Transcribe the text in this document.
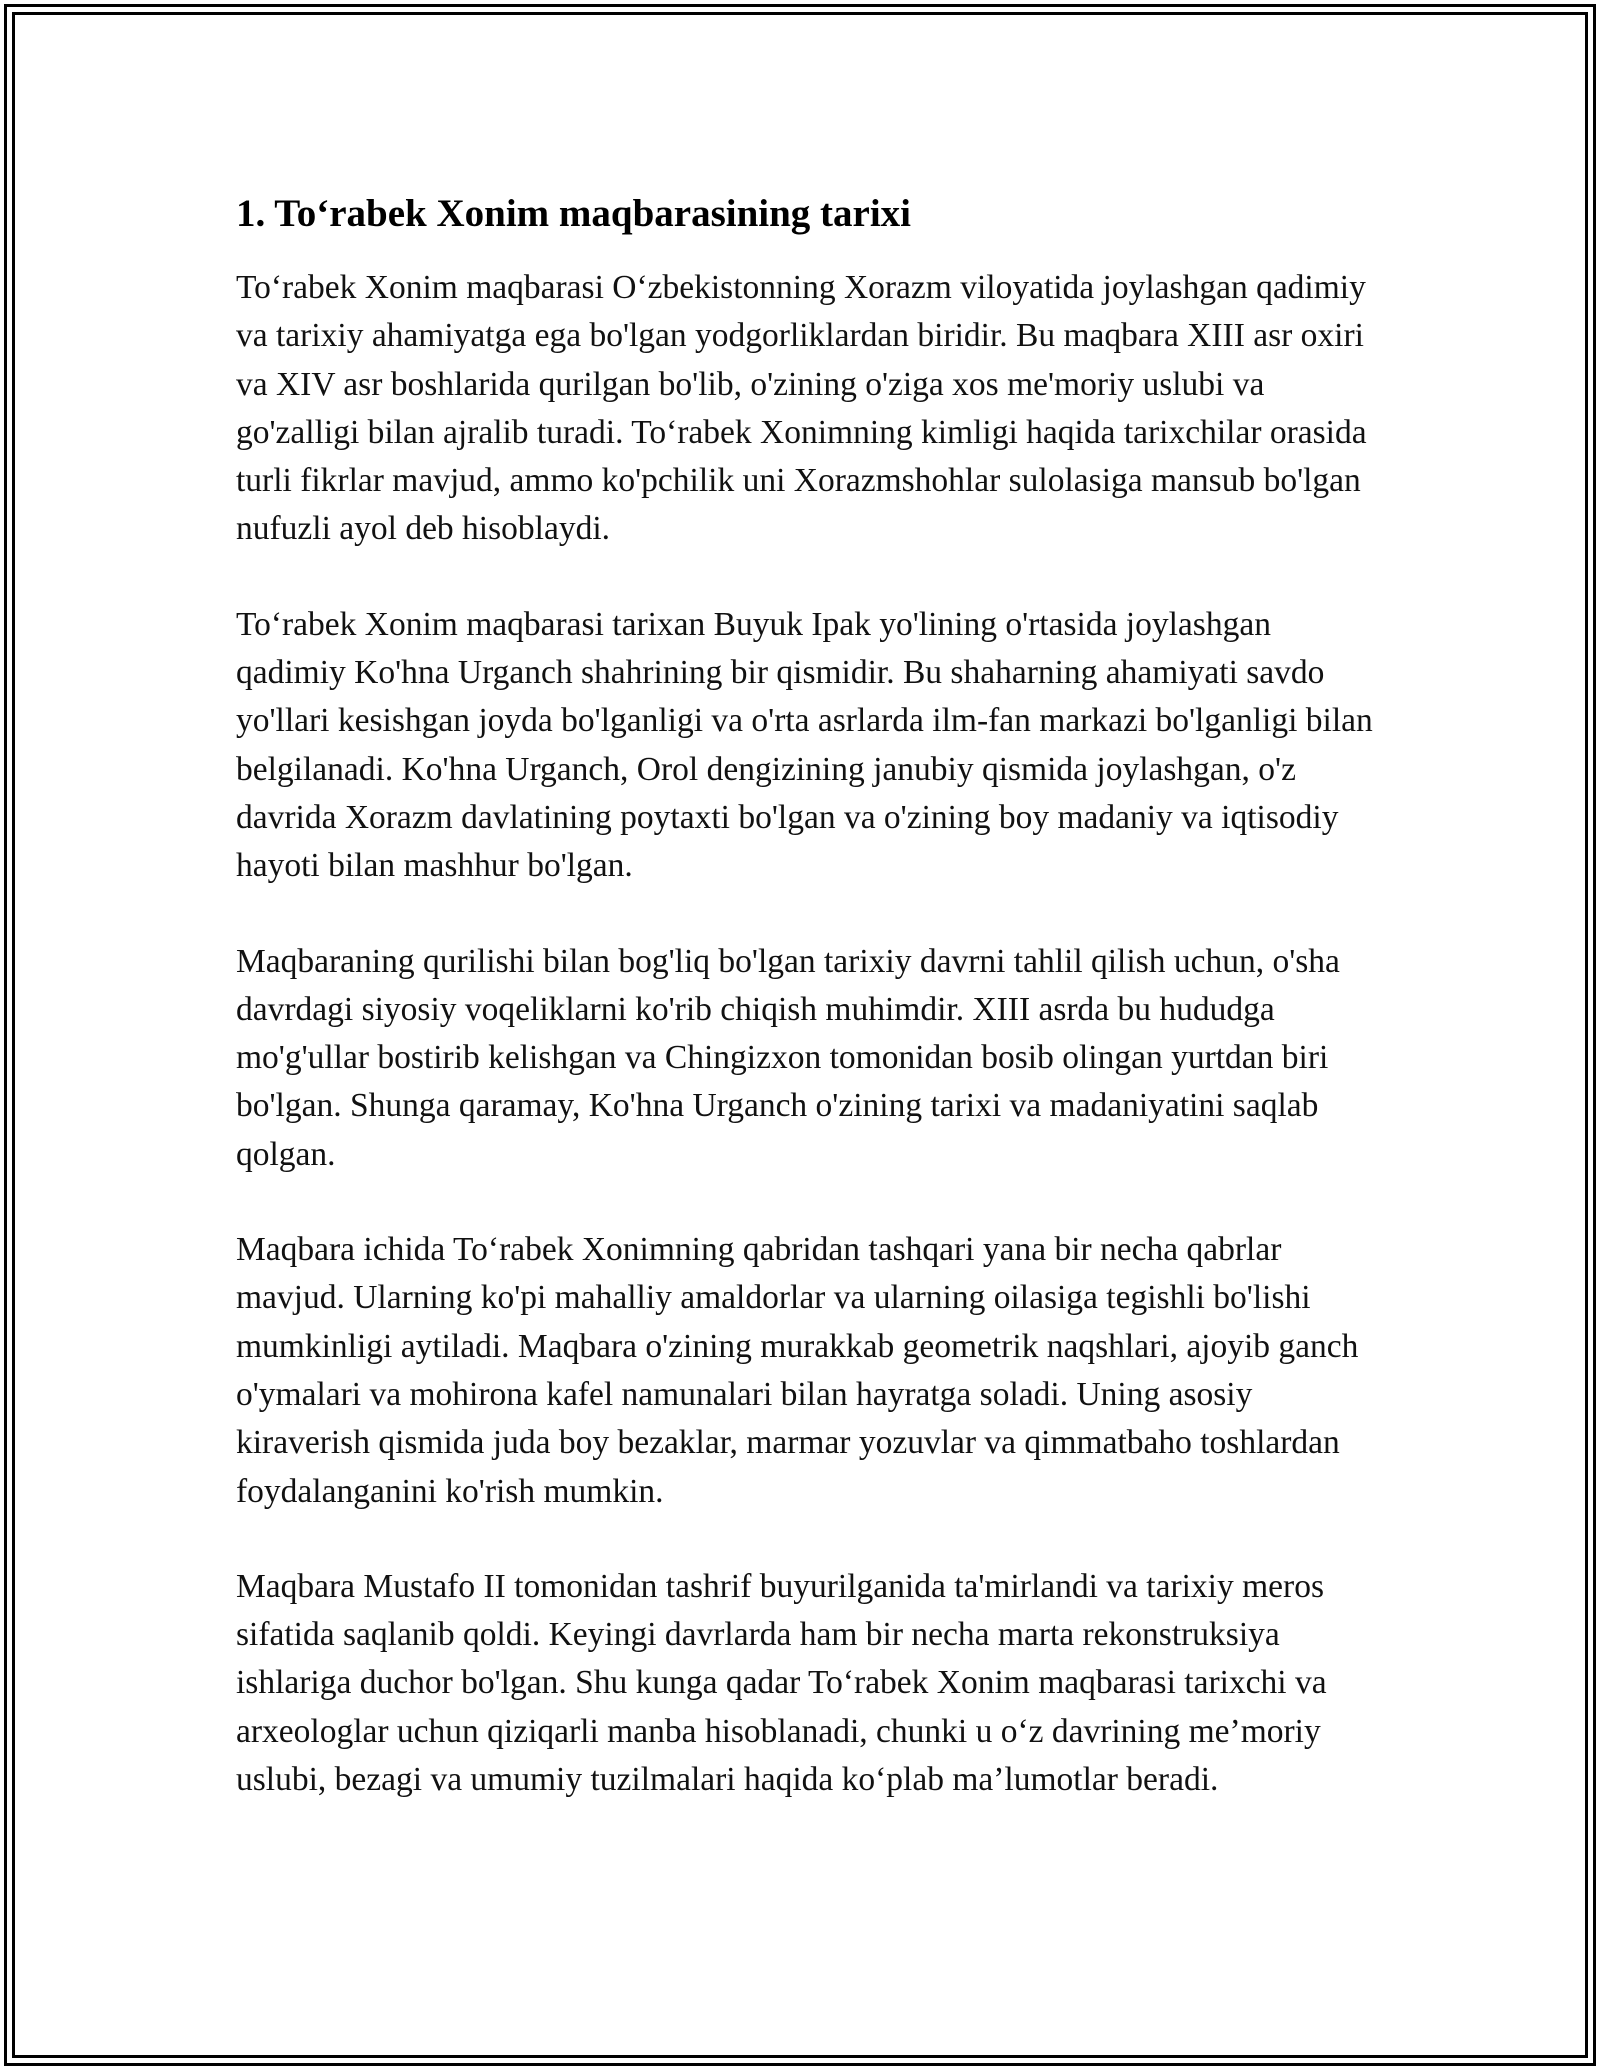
1. To‘rabek Xonim maqbarasining tarixi

To‘rabek Xonim maqbarasi O‘zbekistonning Xorazm viloyatida joylashgan qadimiy va tarixiy ahamiyatga ega bo'lgan yodgorliklardan biridir. Bu maqbara XIII asr oxiri va XIV asr boshlarida qurilgan bo'lib, o'zining o'ziga xos me'moriy uslubi va go'zalligi bilan ajralib turadi. To‘rabek Xonimning kimligi haqida tarixchilar orasida turli fikrlar mavjud, ammo ko'pchilik uni Xorazmshohlar sulolasiga mansub bo'lgan nufuzli ayol deb hisoblaydi.

To‘rabek Xonim maqbarasi tarixan Buyuk Ipak yo'lining o'rtasida joylashgan qadimiy Ko'hna Urganch shahrining bir qismidir. Bu shaharning ahamiyati savdo yo'llari kesishgan joyda bo'lganligi va o'rta asrlarda ilm-fan markazi bo'lganligi bilan belgilanadi. Ko'hna Urganch, Orol dengizining janubiy qismida joylashgan, o'z davrida Xorazm davlatining poytaxti bo'lgan va o'zining boy madaniy va iqtisodiy hayoti bilan mashhur bo'lgan.

Maqbaraning qurilishi bilan bog'liq bo'lgan tarixiy davrni tahlil qilish uchun, o'sha davrdagi siyosiy voqeliklarni ko'rib chiqish muhimdir. XIII asrda bu hududga mo'g'ullar bostirib kelishgan va Chingizxon tomonidan bosib olingan yurtdan biri bo'lgan. Shunga qaramay, Ko'hna Urganch o'zining tarixi va madaniyatini saqlab qolgan.

Maqbara ichida To‘rabek Xonimning qabridan tashqari yana bir necha qabrlar mavjud. Ularning ko'pi mahalliy amaldorlar va ularning oilasiga tegishli bo'lishi mumkinligi aytiladi. Maqbara o'zining murakkab geometrik naqshlari, ajoyib ganch o'ymalari va mohirona kafel namunalari bilan hayratga soladi. Uning asosiy kiraverish qismida juda boy bezaklar, marmar yozuvlar va qimmatbaho toshlardan foydalanganini ko'rish mumkin.

Maqbara Mustafo II tomonidan tashrif buyurilganida ta'mirlandi va tarixiy meros sifatida saqlanib qoldi. Keyingi davrlarda ham bir necha marta rekonstruksiya ishlariga duchor bo'lgan. Shu kunga qadar To‘rabek Xonim maqbarasi tarixchi va arxeologlar uchun qiziqarli manba hisoblanadi, chunki u o‘z davrining me’moriy uslubi, bezagi va umumiy tuzilmalari haqida ko‘plab ma’lumotlar beradi.
